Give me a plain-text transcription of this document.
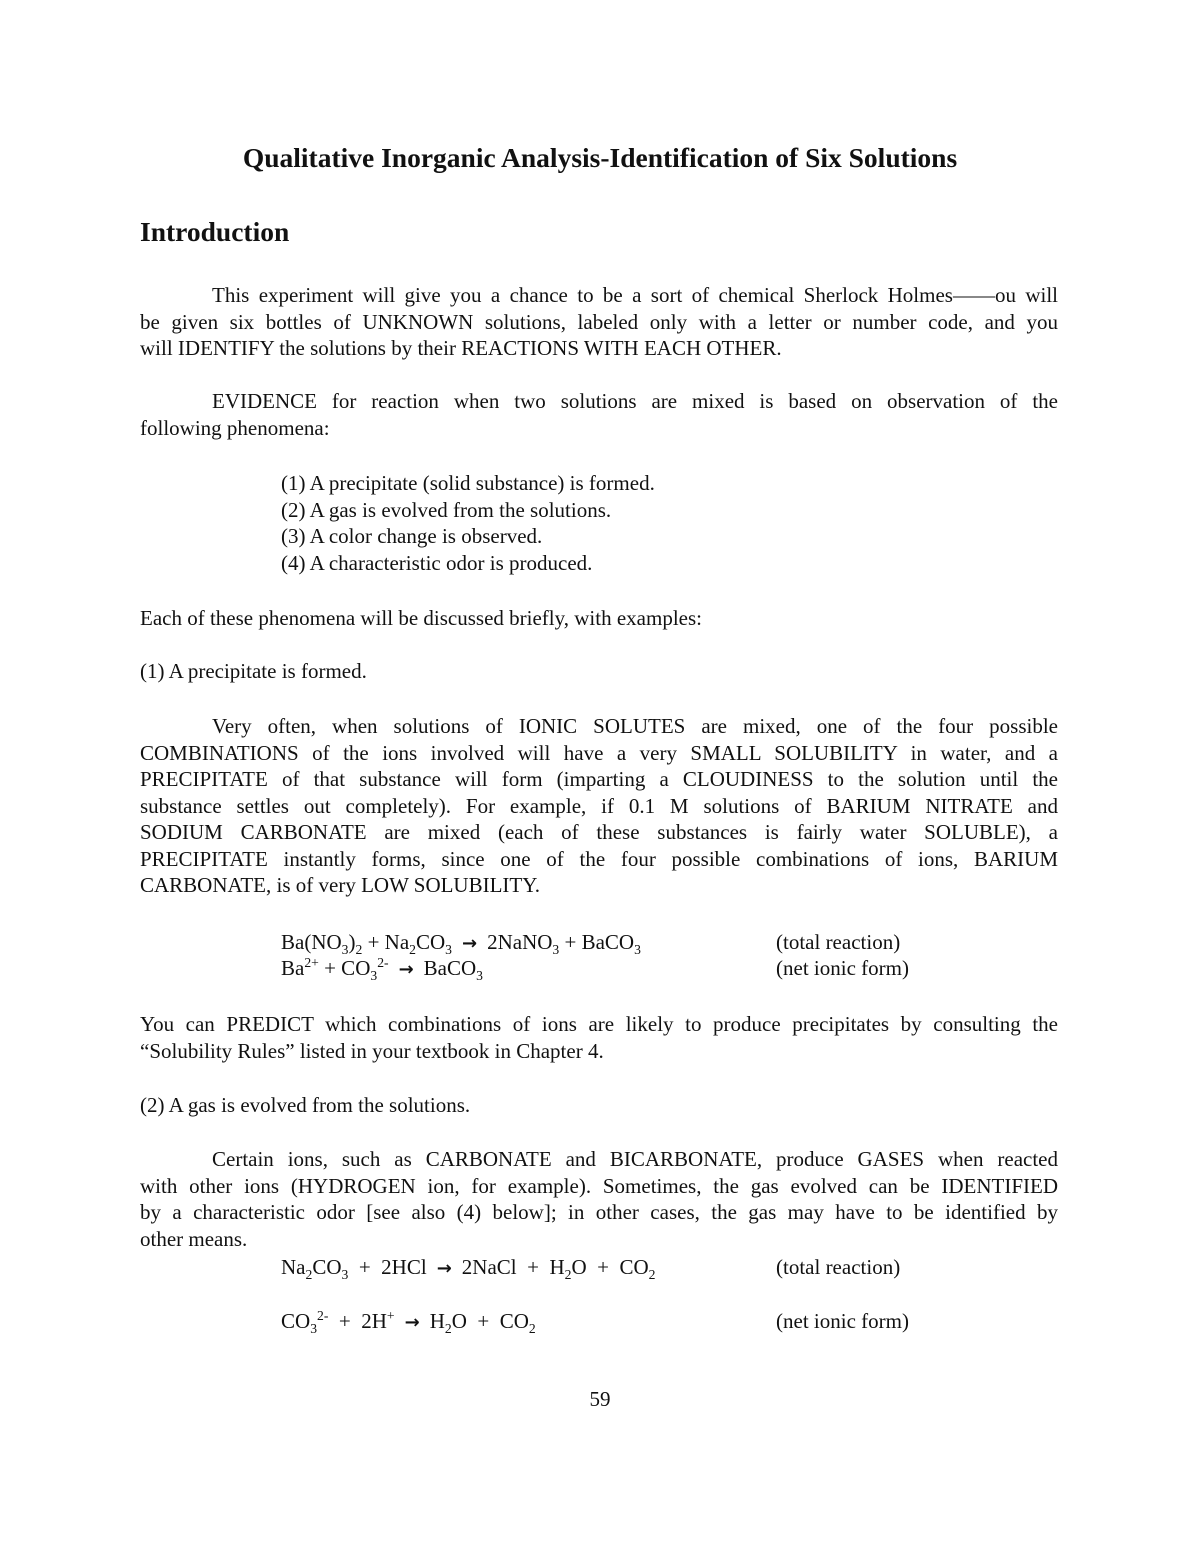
Qualitative Inorganic Analysis-Identification of Six Solutions
Introduction
This experiment will give you a chance to be a sort of chemical Sherlock Holmes——ou will
be given six bottles of UNKNOWN solutions, labeled only with a letter or number code, and you
will IDENTIFY the solutions by their REACTIONS WITH EACH OTHER.
EVIDENCE for reaction when two solutions are mixed is based on observation of the
following phenomena:
(1) A precipitate (solid substance) is formed.
(2) A gas is evolved from the solutions.
(3) A color change is observed.
(4) A characteristic odor is produced.
Each of these phenomena will be discussed briefly, with examples:
(1) A precipitate is formed.
Very often, when solutions of IONIC SOLUTES are mixed, one of the four possible
COMBINATIONS of the ions involved will have a very SMALL SOLUBILITY in water, and a
PRECIPITATE of that substance will form (imparting a CLOUDINESS to the solution until the
substance settles out completely). For example, if 0.1 M solutions of BARIUM NITRATE and
SODIUM CARBONATE are mixed (each of these substances is fairly water SOLUBLE), a
PRECIPITATE instantly forms, since one of the four possible combinations of ions, BARIUM
CARBONATE, is of very LOW SOLUBILITY.
$Ba(NO_3)_2 + Na_2CO_3$ → 2NaNO$_3$ + BaCO$_3$	(total reaction)
$Ba^{2+} + CO_3^{2-}$ → BaCO$_3$	(net ionic form)
You can PREDICT which combinations of ions are likely to produce precipitates by consulting the
“Solubility Rules” listed in your textbook in Chapter 4.
(2) A gas is evolved from the solutions.
Certain ions, such as CARBONATE and BICARBONATE, produce GASES when reacted
with other ions (HYDROGEN ion, for example). Sometimes, the gas evolved can be IDENTIFIED
by a characteristic odor [see also (4) below]; in other cases, the gas may have to be identified by
other means.
$Na_2CO_3 + 2HCl$ → 2NaCl  +  $H_2O + CO_2$	(total reaction)
$CO_3^{2-} + 2H^+ \to H_2O + CO_2$	(net ionic form)
59
